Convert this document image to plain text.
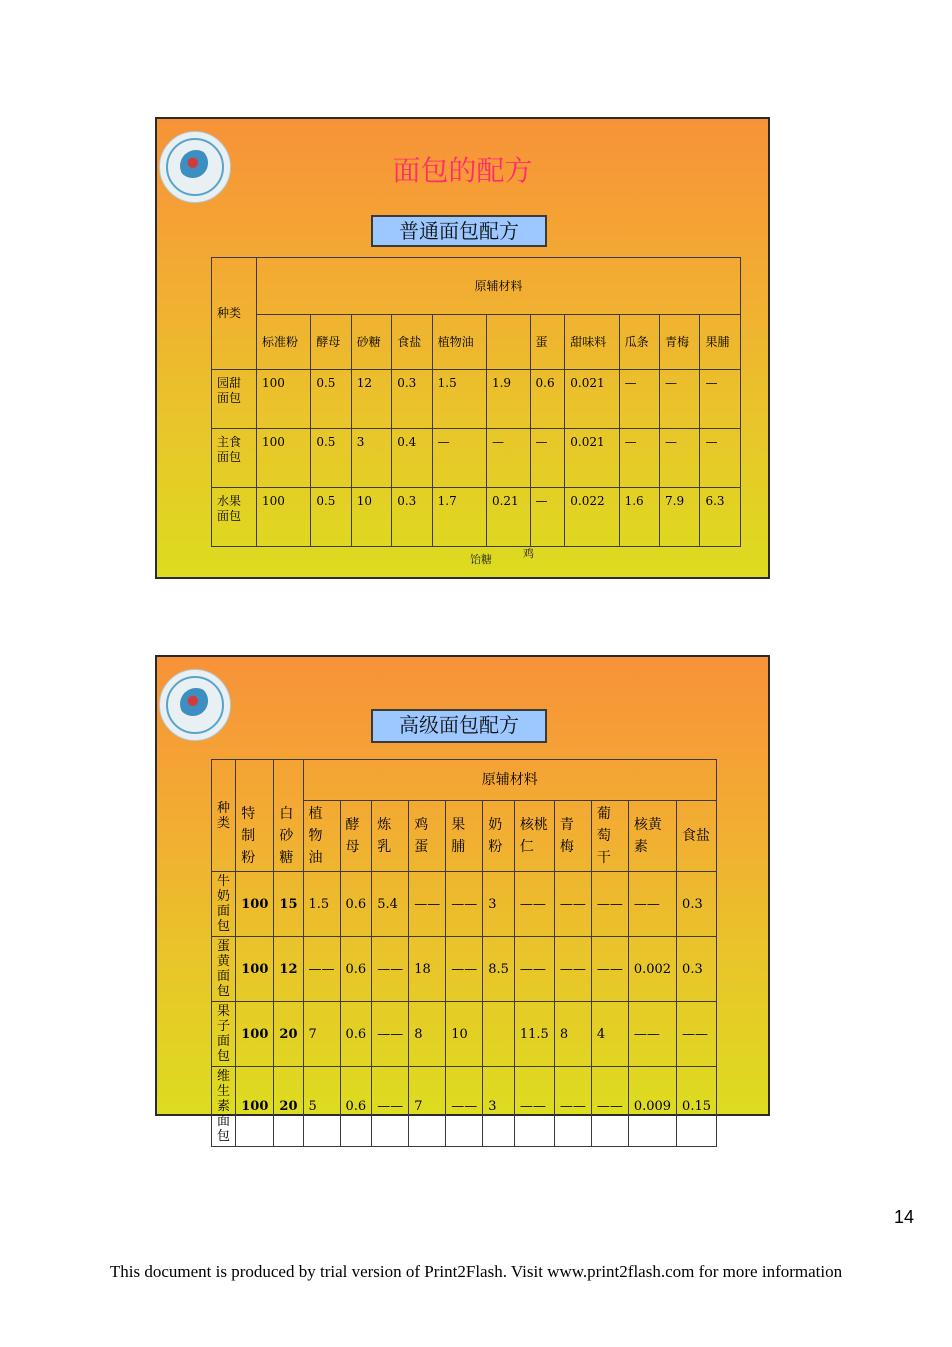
面包的配方
普通面包配方
种类	原辅材料										
	标准粉	酵母	砂糖	食盐	植物油		蛋	甜味料	瓜条	青梅	果脯
园甜面包	100	0.5	12	0.3	1.5	1.9	0.6	0.021	—	—	—
主食面包	100	0.5	3	0.4	—	—	—	0.021	—	—	—
水果面包	100	0.5	10	0.3	1.7	0.21	—	0.022	1.6	7.9	6.3
饴糖	鸡
高级面包配方
种类	特制粉	白砂糖	原辅材料										
			植物油	酵母	炼乳	鸡蛋	果脯	奶粉	核桃仁	青梅	葡萄干	核黄素	食盐
牛奶面包	100	15	1.5	0.6	5.4	——	——	3	——	——	——	——	0.3
蛋黄面包	100	12	——	0.6	——	18	——	8.5	——	——	——	0.002	0.3
果子面包	100	20	7	0.6	——	8	10		11.5	8	4	——	——
维生素面包	100	20	5	0.6	——	7	——	3	——	——	——	0.009	0.15
14
This document is produced by trial version of Print2Flash. Visit www.print2flash.com for more information
